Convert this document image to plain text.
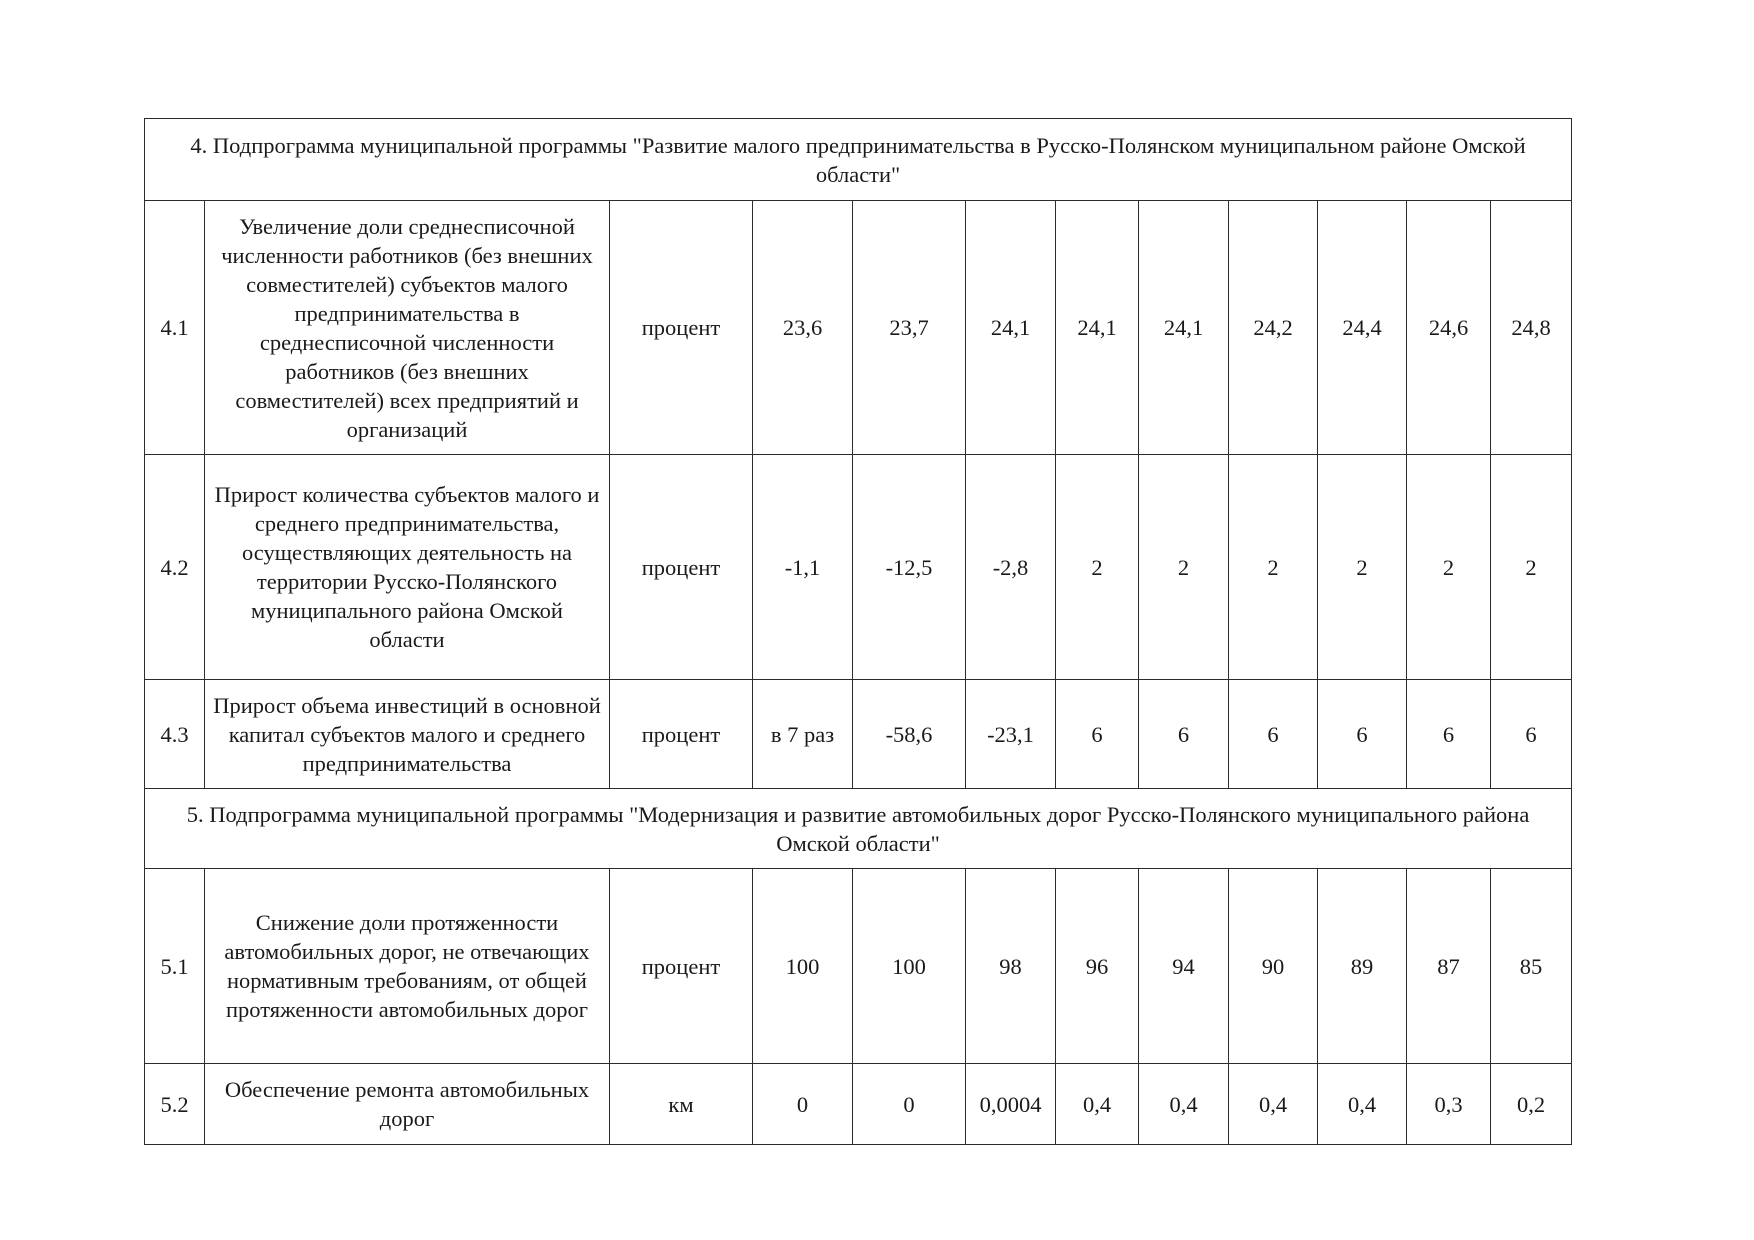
4. Подпрограмма муниципальной программы "Развитие малого предпринимательства в Русско-Полянском муниципальном районе Омской области"											
4.1	Увеличение доли среднесписочной численности работников (без внешних совместителей) субъектов малого предпринимательства в среднесписочной численности работников (без внешних совместителей) всех предприятий и организаций	процент	23,6	23,7	24,1	24,1	24,1	24,2	24,4	24,6	24,8
4.2	Прирост количества субъектов малого и среднего предпринимательства, осуществляющих деятельность на территории Русско-Полянского муниципального района Омской области	процент	-1,1	-12,5	-2,8	2	2	2	2	2	2
4.3	Прирост объема инвестиций в основной капитал субъектов малого и среднего предпринимательства	процент	в 7 раз	-58,6	-23,1	6	6	6	6	6	6
5. Подпрограмма муниципальной программы "Модернизация и развитие автомобильных дорог Русско-Полянского муниципального района Омской области"											
5.1	Снижение доли протяженности автомобильных дорог, не отвечающих нормативным требованиям, от общей протяженности автомобильных дорог	процент	100	100	98	96	94	90	89	87	85
5.2	Обеспечение ремонта автомобильных дорог	км	0	0	0,0004	0,4	0,4	0,4	0,4	0,3	0,2
